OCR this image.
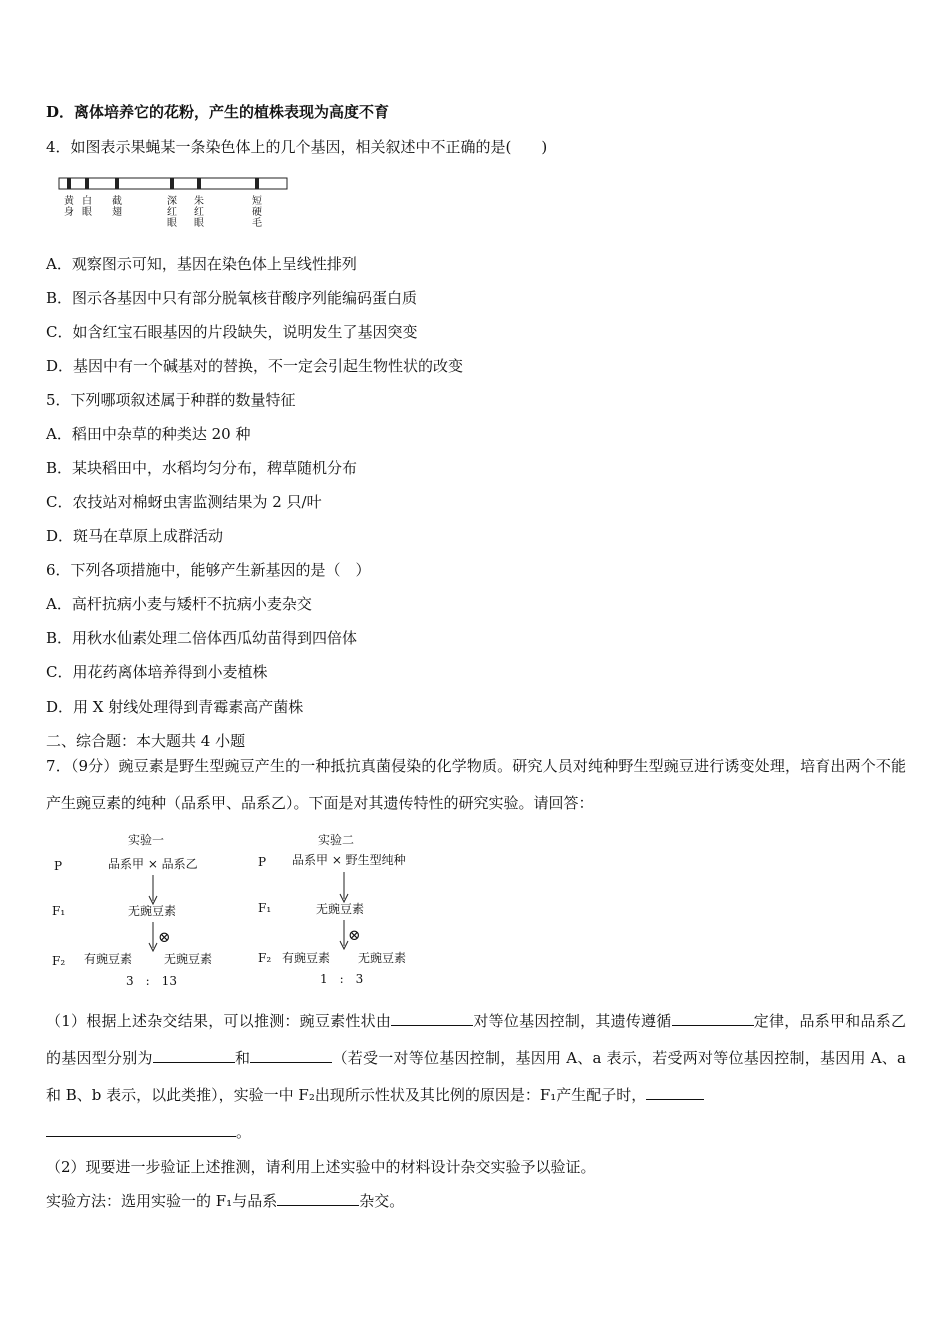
D．离体培养它的花粉，产生的植株表现为高度不育
4．如图表示果蝇某一条染色体上的几个基因，相关叙述中不正确的是(　　)
黄
身
白
眼
截
翅
深
红
眼
朱
红
眼
短
硬
毛
A．观察图示可知，基因在染色体上呈线性排列
B．图示各基因中只有部分脱氧核苷酸序列能编码蛋白质
C．如含红宝石眼基因的片段缺失，说明发生了基因突变
D．基因中有一个碱基对的替换，不一定会引起生物性状的改变
5．下列哪项叙述属于种群的数量特征
A．稻田中杂草的种类达 20 种
B．某块稻田中，水稻均匀分布，稗草随机分布
C．农技站对棉蚜虫害监测结果为 2 只/叶
D．斑马在草原上成群活动
6．下列各项措施中，能够产生新基因的是（　）
A．高杆抗病小麦与矮杆不抗病小麦杂交
B．用秋水仙素处理二倍体西瓜幼苗得到四倍体
C．用花药离体培养得到小麦植株
D．用 X 射线处理得到青霉素高产菌株
二、综合题：本大题共 4 小题
7．（9分）豌豆素是野生型豌豆产生的一种抵抗真菌侵染的化学物质。研究人员对纯种野生型豌豆进行诱变处理，培育出两个不能产生豌豆素的纯种（品系甲、品系乙）。下面是对其遗传特性的研究实验。请回答：
实验一
P	品系甲 × 品系乙
F₁	无豌豆素
⊗
F₂ 有豌豆素	无豌豆素
3　:　13
实验二
P 品系甲 × 野生型纯种
F₁	无豌豆素
⊗
F₂ 有豌豆素 无豌豆素
1　:　3
（1）根据上述杂交结果，可以推测：豌豆素性状由	对等位基因控制，其遗传遵循	定律，品系甲和品系乙的基因型分别为	和	（若受一对等位基因控制，基因用 A、a 表示，若受两对等位基因控制，基因用 A、a 和 B、b 表示，以此类推），实验一中 F₂出现所示性状及其比例的原因是：F₁产生配子时，
。
（2）现要进一步验证上述推测，请利用上述实验中的材料设计杂交实验予以验证。
实验方法：选用实验一的 F₁与品系	杂交。
